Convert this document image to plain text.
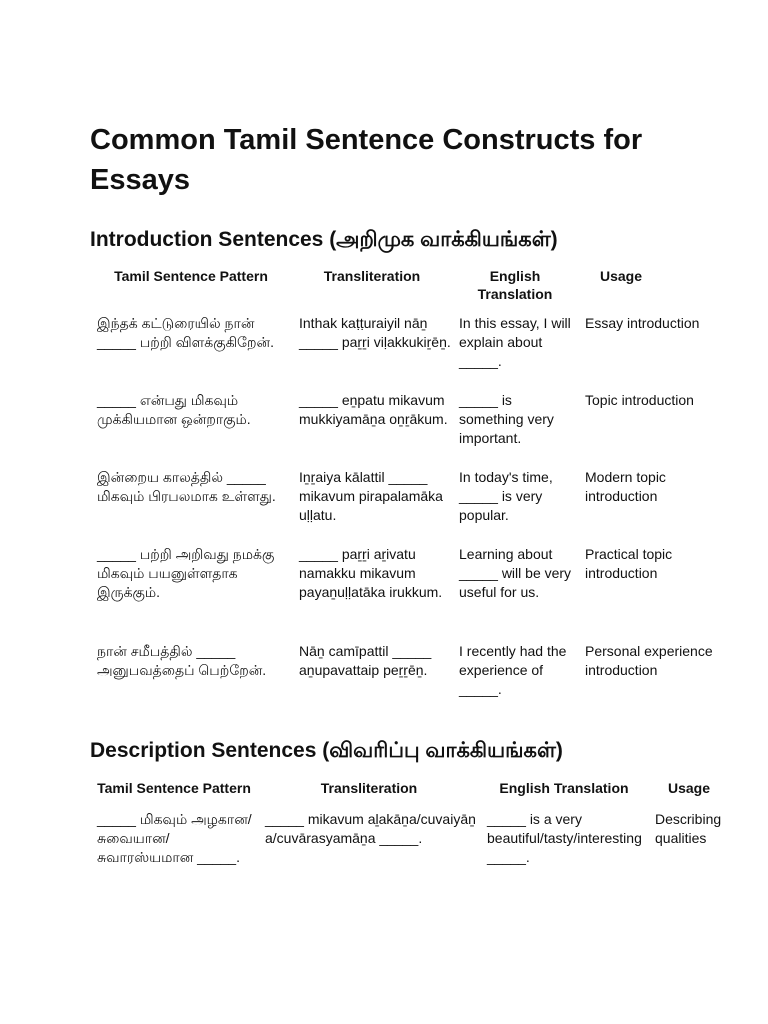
Common Tamil Sentence Constructs for Essays
Introduction Sentences (அறிமுக வாக்கியங்கள்)
Tamil Sentence Pattern	Transliteration	English Translation	Usage
இந்தக் கட்டுரையில் நான் _____ பற்றி விளக்குகிறேன்.	Inthak kaṭṭuraiyil nāṉ _____ paṟṟi viḷakkukiṟēṉ.	In this essay, I will explain about _____.	Essay introduction
_____ என்பது மிகவும் முக்கியமான ஒன்றாகும்.	_____ eṉpatu mikavum mukkiyamāṉa oṉṟākum.	_____ is something very important.	Topic introduction
இன்றைய காலத்தில் _____ மிகவும் பிரபலமாக உள்ளது.	Iṉṟaiya kālattil _____ mikavum pirapalamāka uḷḷatu.	In today's time, _____ is very popular.	Modern topic introduction
_____ பற்றி அறிவது நமக்கு மிகவும் பயனுள்ளதாக இருக்கும்.	_____ paṟṟi aṟivatu namakku mikavum payaṉuḷḷatāka irukkum.	Learning about _____ will be very useful for us.	Practical topic introduction
நான் சமீபத்தில் _____ அனுபவத்தைப் பெற்றேன்.	Nāṉ camīpattil _____ aṉupavattaip peṟṟēṉ.	I recently had the experience of _____.	Personal experience introduction
Description Sentences (விவரிப்பு வாக்கியங்கள்)
Tamil Sentence Pattern	Transliteration	English Translation	Usage
_____ மிகவும் அழகான/சுவையான/சுவாரஸ்யமான _____.	_____ mikavum aḻakāṉa/cuvaiyāṉa/cuvārasyamāṉa _____.	_____ is a very beautiful/tasty/interesting _____.	Describing qualities
